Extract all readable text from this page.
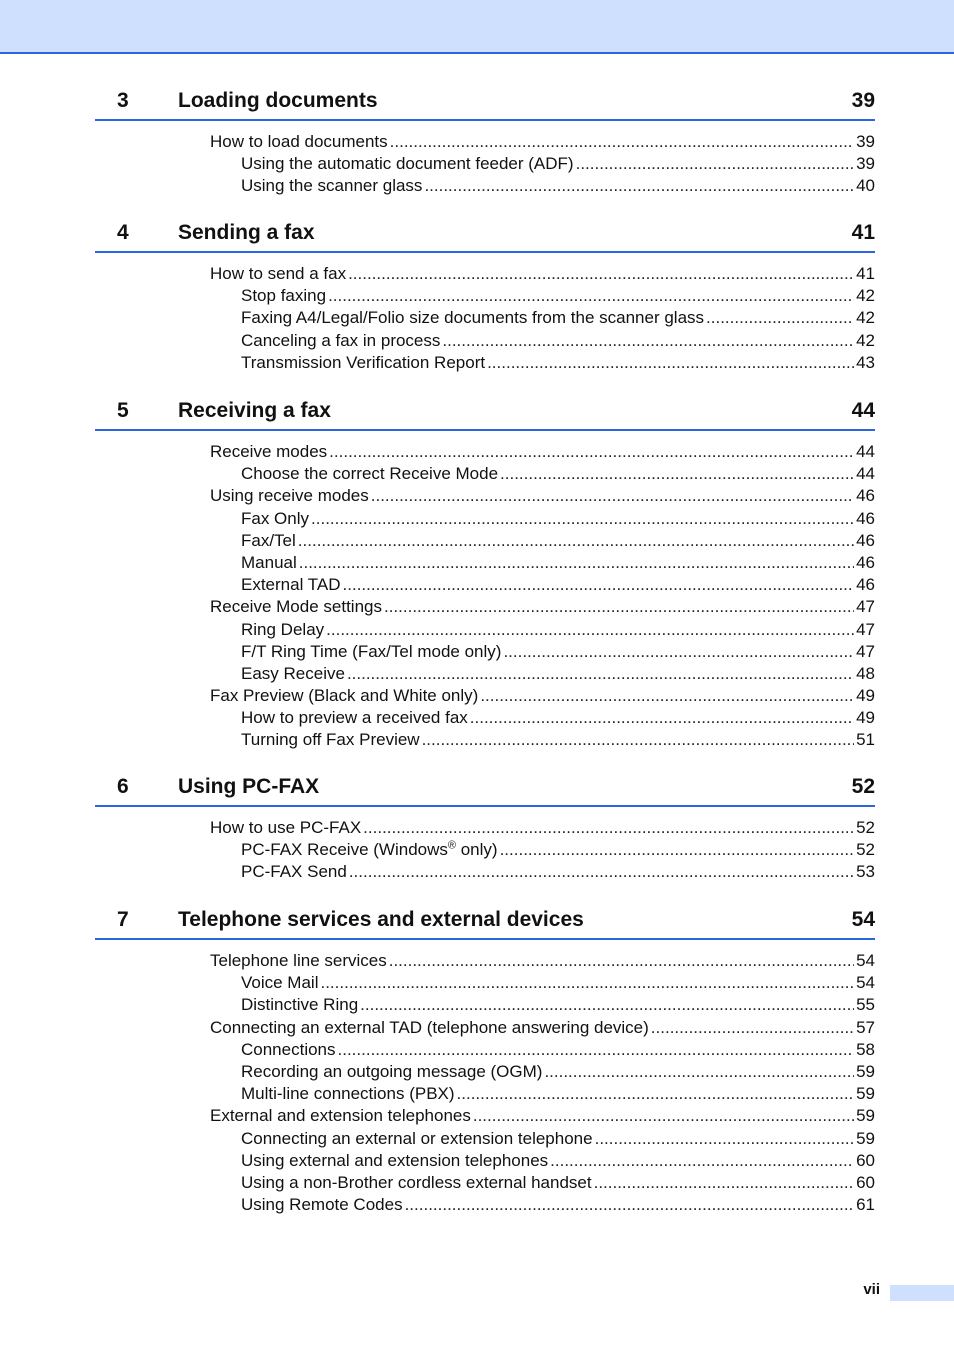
3 Loading documents	39
How to load documents .....	39
Using the automatic document feeder (ADF) .....	39
Using the scanner glass .....	40
4 Sending a fax	41
How to send a fax .....	41
Stop faxing .....	42
Faxing A4/Legal/Folio size documents from the scanner glass .....	42
Canceling a fax in process .....	42
Transmission Verification Report .....	43
5 Receiving a fax	44
Receive modes .....	44
Choose the correct Receive Mode .....	44
Using receive modes .....	46
Fax Only .....	46
Fax/Tel .....	46
Manual .....	46
External TAD .....	46
Receive Mode settings .....	47
Ring Delay .....	47
F/T Ring Time (Fax/Tel mode only) .....	47
Easy Receive .....	48
Fax Preview (Black and White only) .....	49
How to preview a received fax .....	49
Turning off Fax Preview .....	51
6 Using PC-FAX	52
How to use PC-FAX .....	52
PC-FAX Receive (Windows® only) .....	52
PC-FAX Send .....	53
7 Telephone services and external devices	54
Telephone line services .....	54
Voice Mail .....	54
Distinctive Ring .....	55
Connecting an external TAD (telephone answering device) .....	57
Connections .....	58
Recording an outgoing message (OGM) .....	59
Multi-line connections (PBX) .....	59
External and extension telephones .....	59
Connecting an external or extension telephone .....	59
Using external and extension telephones .....	60
Using a non-Brother cordless external handset .....	60
Using Remote Codes .....	61
vii
